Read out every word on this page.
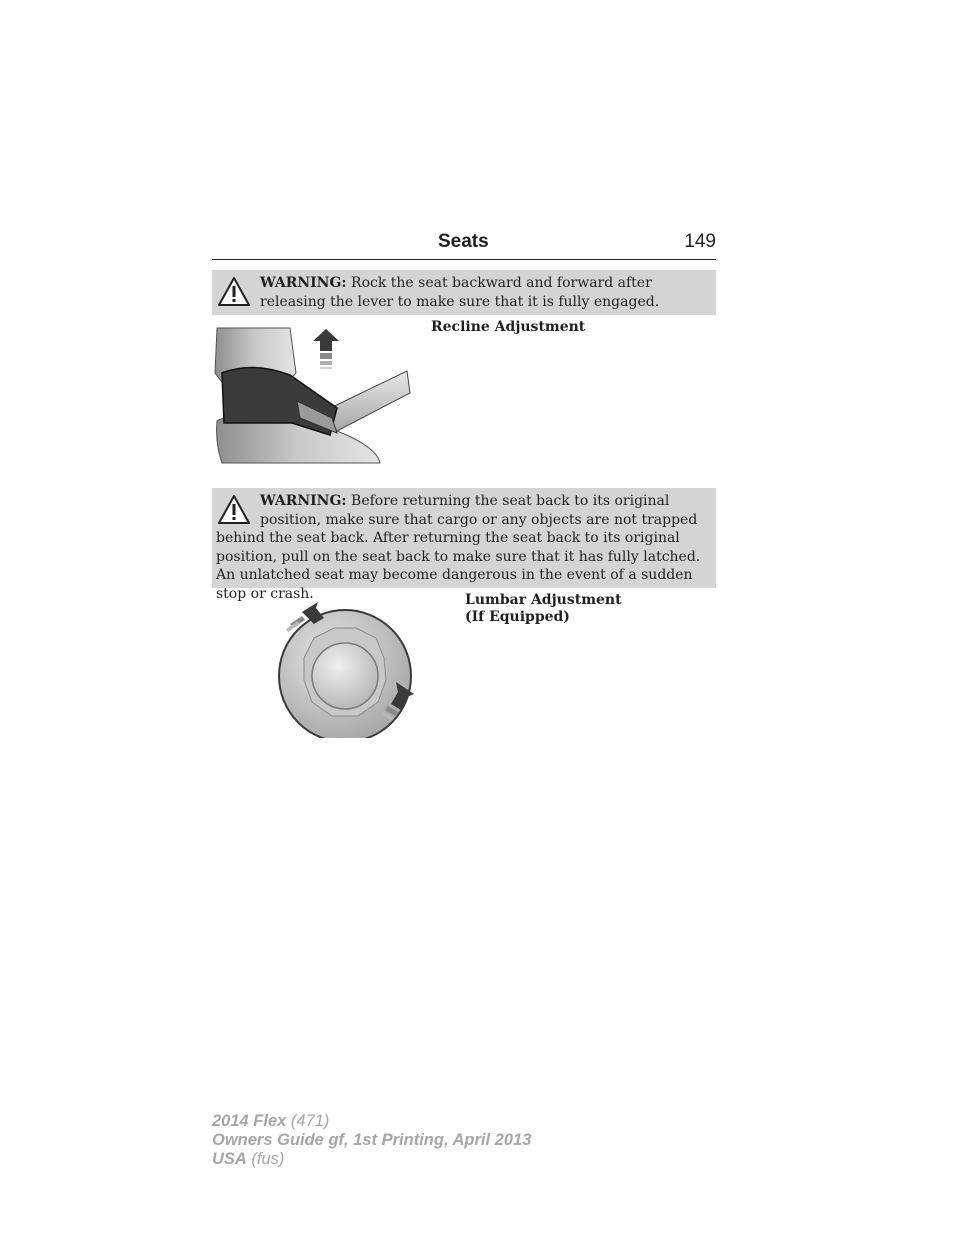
Seats	149
WARNING: Rock the seat backward and forward after releasing the lever to make sure that it is fully engaged.
Recline Adjustment
WARNING: Before returning the seat back to its original position, make sure that cargo or any objects are not trapped behind the seat back. After returning the seat back to its original position, pull on the seat back to make sure that it has fully latched. An unlatched seat may become dangerous in the event of a sudden stop or crash.	Lumbar Adjustment
(If Equipped)
2014 Flex (471)
Owners Guide gf, 1st Printing, April 2013
USA (fus)
